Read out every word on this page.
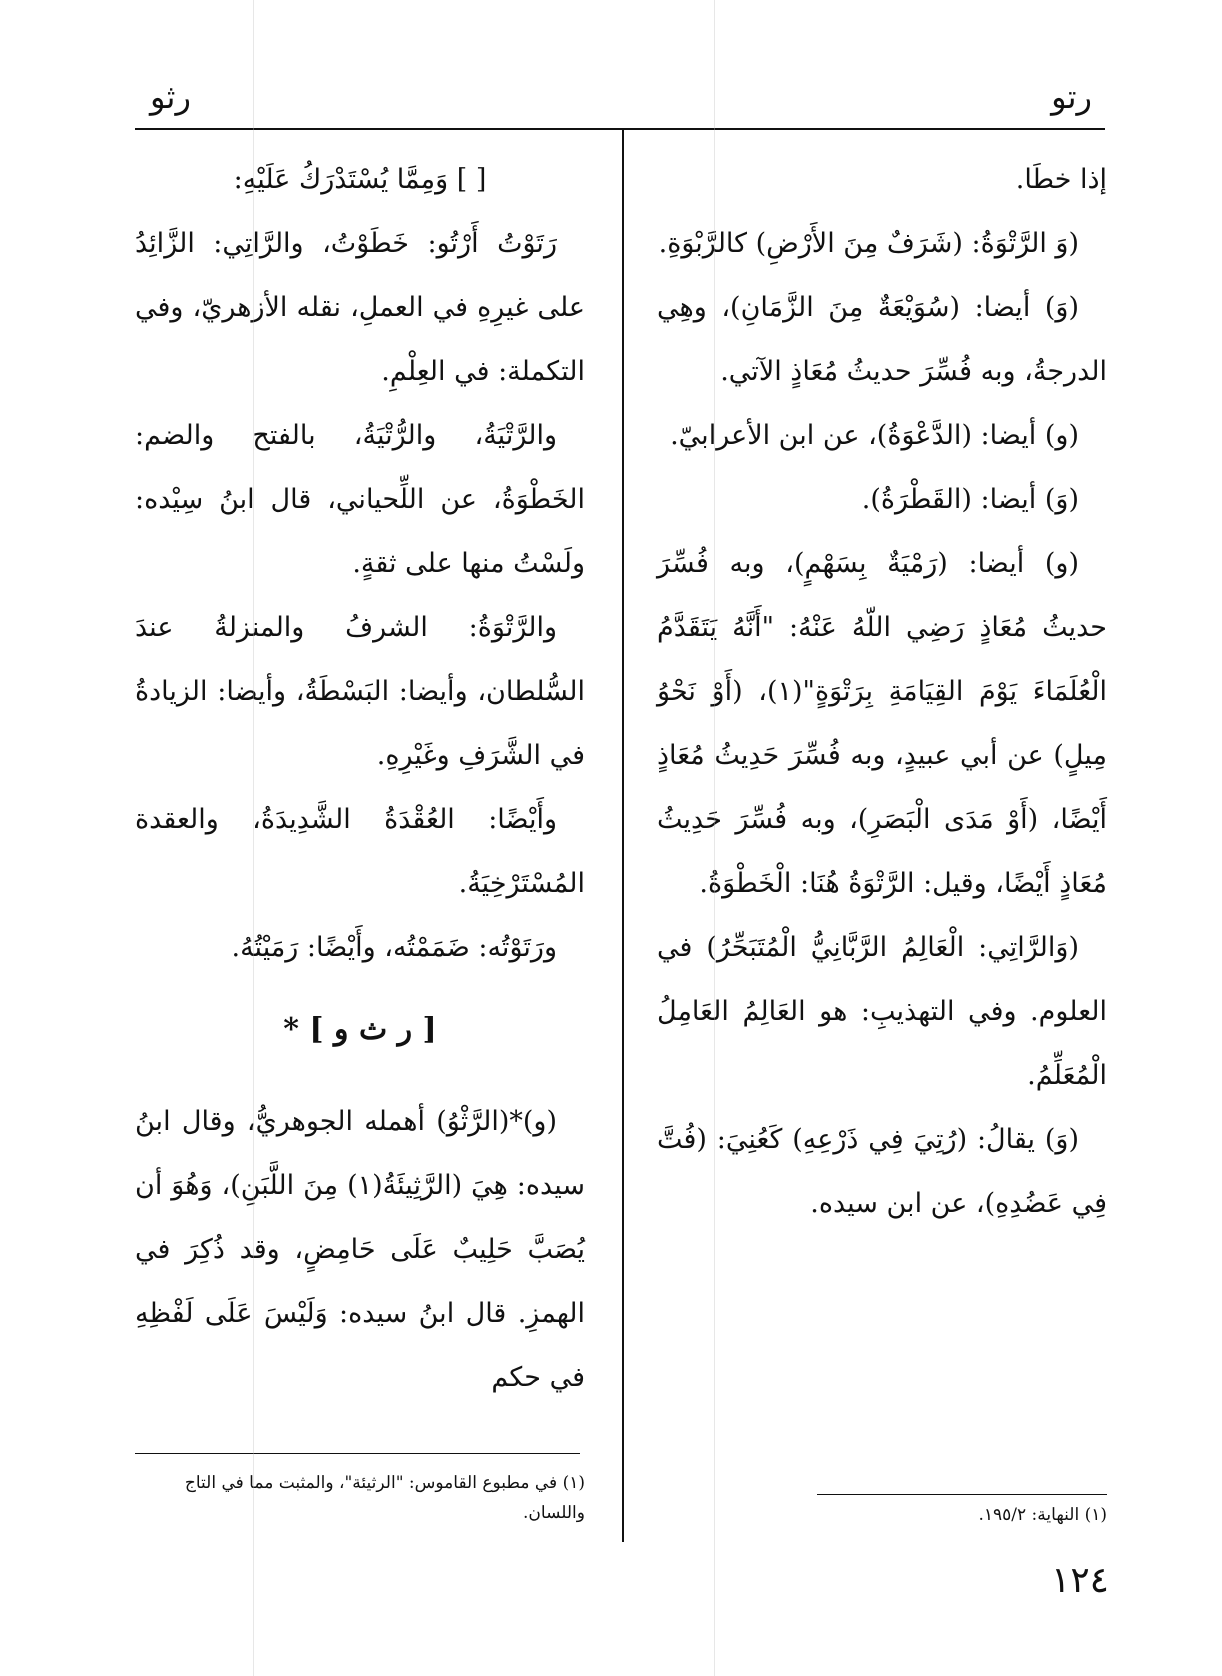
رتو
رثو

إذا خطَا.

(وَ الرَّتْوَةُ: (شَرَفٌ مِنَ الأَرْضِ) كالرَّبْوَةِ.

(وَ) أيضا: (سُوَيْعَةٌ مِنَ الزَّمَانِ)، وهِي الدرجةُ، وبه فُسِّرَ حديثُ مُعَاذٍ الآتي.

(و) أيضا: (الدَّعْوَةُ)، عن ابن الأعرابيّ.

(وَ) أيضا: (القَطْرَةُ).

(و) أيضا: (رَمْيَةٌ بِسَهْمٍ)، وبه فُسِّرَ حديثُ مُعَاذٍ رَضِي اللّهُ عَنْهُ: "أَنَّهُ يَتَقَدَّمُ الْعُلَمَاءَ يَوْمَ القِيَامَةِ بِرَتْوَةٍ"(١)، (أَوْ نَحْوُ مِيلٍ) عن أبي عبيدٍ، وبه فُسِّرَ حَدِيثُ مُعَاذٍ أَيْضًا، (أَوْ مَدَى الْبَصَرِ)، وبه فُسِّرَ حَدِيثُ مُعَاذٍ أَيْضًا، وقيل: الرَّتْوَةُ هُنَا: الْخَطْوَةُ.

(وَالرَّاتِي: الْعَالِمُ الرَّبَّانِيُّ الْمُتَبَحِّرُ) في العلوم. وفي التهذيبِ: هو العَالِمُ العَامِلُ الْمُعَلِّمُ.

(وَ) يقالُ: (رُتِيَ فِي ذَرْعِهِ) كَعُنِيَ: (فُتَّ فِي عَضُدِهِ)، عن ابن سيده.

(١) النهاية: ١٩٥/٢.

[ ] وَمِمَّا يُسْتَدْرَكُ عَلَيْهِ:

رَتَوْتُ أَرْتُو: خَطَوْتُ، والرَّاتِي: الزَّائِدُ على غيرِهِ في العملِ، نقله الأزهريّ، وفي التكملة: في العِلْمِ.

والرَّتْيَةُ، والرُّتْيَةُ، بالفتح والضم: الخَطْوَةُ، عن اللِّحياني، قال ابنُ سِيْده: ولَسْتُ منها على ثقةٍ.

والرَّتْوَةُ: الشرفُ والمنزلةُ عندَ السُّلطان، وأيضا: البَسْطَةُ، وأيضا: الزيادةُ في الشَّرَفِ وغَيْرِهِ.

وأَيْضًا: العُقْدَةُ الشَّدِيدَةُ، والعقدة المُسْتَرْخِيَةُ.

ورَتَوْتُه: ضَمَمْتُه، وأَيْضًا: رَمَيْتُهُ.

[ ر ث و ] *

(و)*(الرَّثْوُ) أهمله الجوهريُّ، وقال ابنُ سيده: هِيَ (الرَّثِيئَةُ(١) مِنَ اللَّبَنِ)، وَهُوَ أن يُصَبَّ حَلِيبٌ عَلَى حَامِضٍ، وقد ذُكِرَ في الهمزِ. قال ابنُ سيده: وَلَيْسَ عَلَى لَفْظِهِ في حكم

(١) في مطبوع القاموس: "الرثيئة"، والمثبت مما في التاج واللسان.
١٢٤
